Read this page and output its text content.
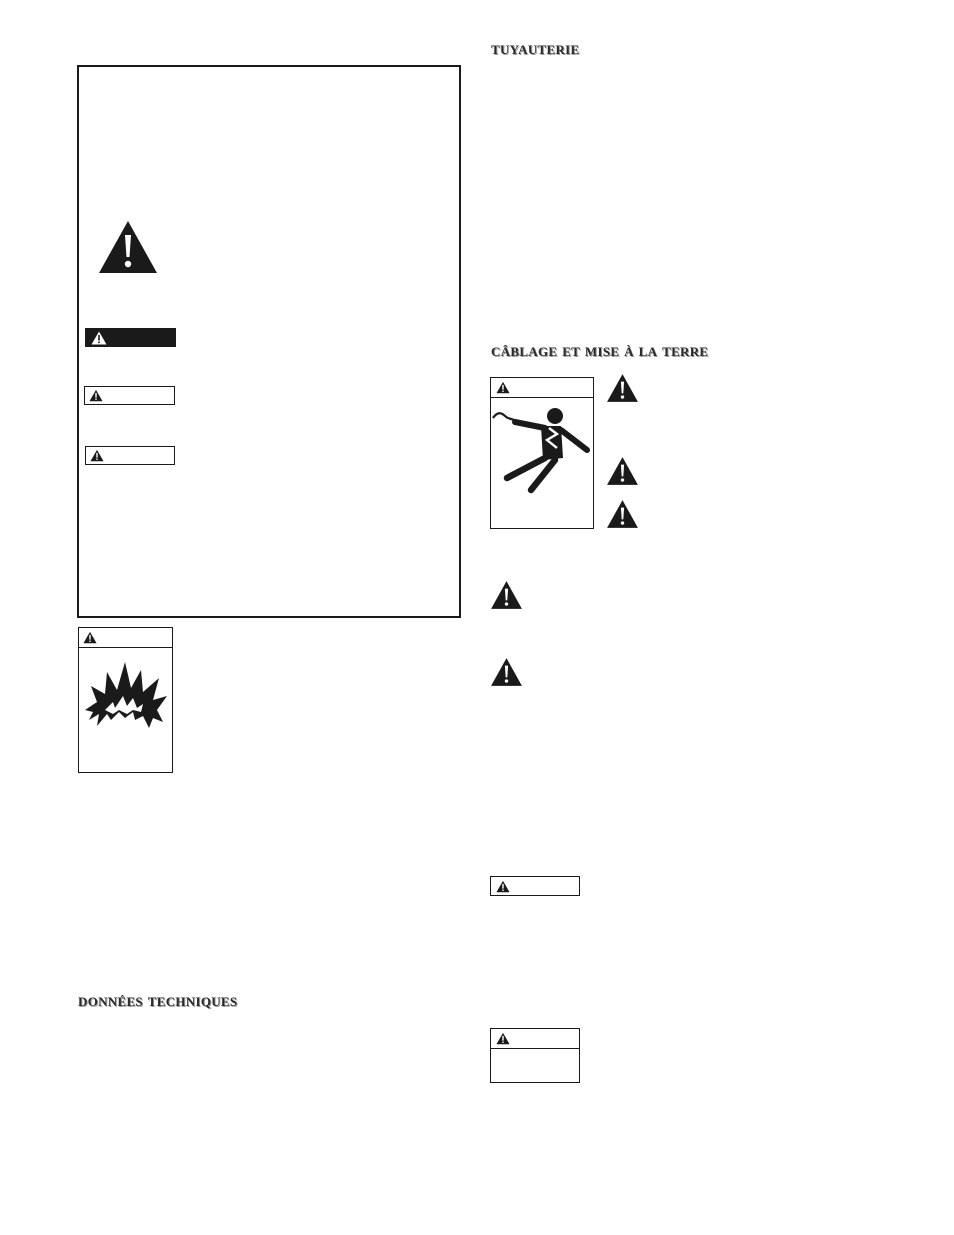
données techniques
tuyauterie
câblage et mise à la terre
